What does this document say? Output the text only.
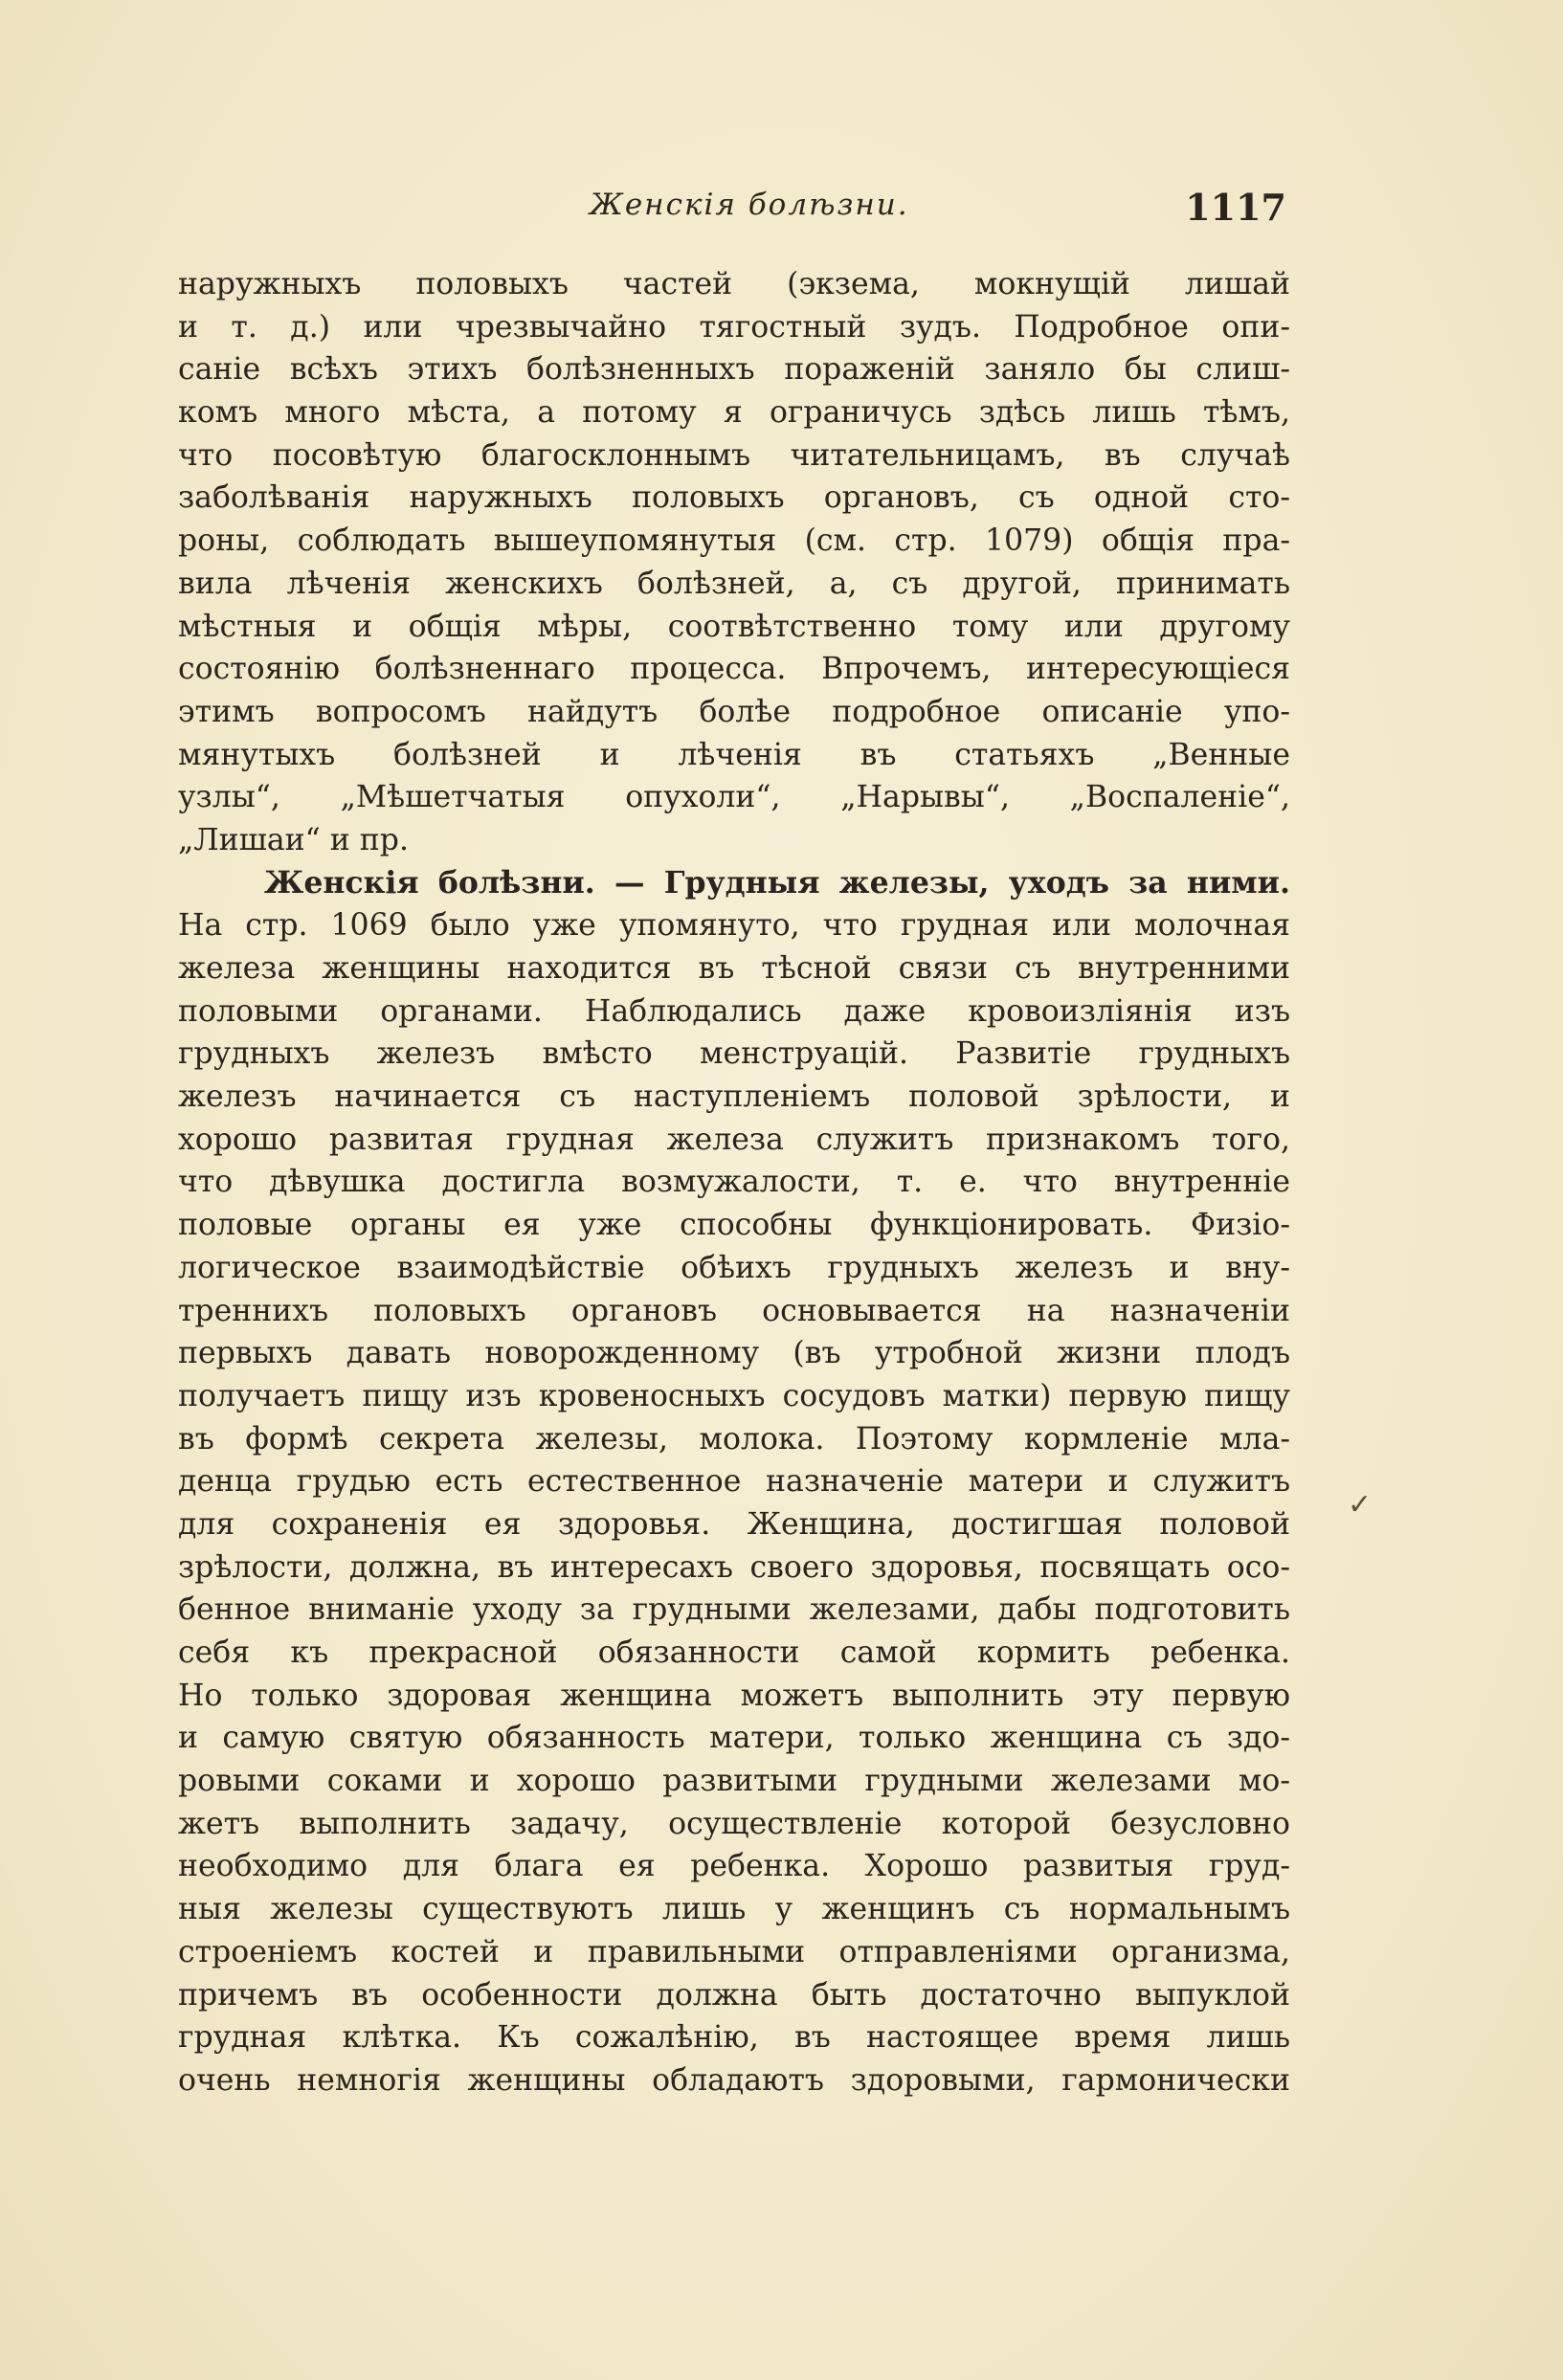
Женскiя болѣзни.	1117
наружныхъ половыхъ частей (экзема, мокнущiй лишай
и т. д.) или чрезвычайно тягостный зудъ. Подробное опи-
саніе всѣхъ этихъ болѣзненныхъ пораженiй заняло бы слиш-
комъ много мѣста, а потому я ограничусь здѣсь лишь тѣмъ,
что посовѣтую благосклоннымъ читательницамъ, въ случаѣ
заболѣванiя наружныхъ половыхъ органовъ, съ одной сто-
роны, соблюдать вышеупомянутыя (см. стр. 1079) общiя пра-
вила лѣченiя женскихъ болѣзней, а, съ другой, принимать
мѣстныя и общiя мѣры, соотвѣтственно тому или другому
состоянiю болѣзненнаго процесса. Впрочемъ, интересующiеся
этимъ вопросомъ найдутъ болѣе подробное описанiе упо-
мянутыхъ болѣзней и лѣченiя въ статьяхъ „Венные
узлы“, „Мѣшетчатыя опухоли“, „Нарывы“, „Воспаленiе“,
„Лишаи“ и пр.
Женскiя болѣзни. — Грудныя железы, уходъ за ними.
На стр. 1069 было уже упомянуто, что грудная или молочная
железа женщины находится въ тѣсной связи съ внутренними
половыми органами. Наблюдались даже кровоизлiянiя изъ
грудныхъ железъ вмѣсто менструацiй. Развитiе грудныхъ
железъ начинается съ наступленiемъ половой зрѣлости, и
хорошо развитая грудная железа служитъ признакомъ того,
что дѣвушка достигла возмужалости, т. е. что внутреннiе
половые органы ея уже способны функцiонировать. Физiо-
логическое взаимодѣйствiе обѣихъ грудныхъ железъ и вну-
треннихъ половыхъ органовъ основывается на назначенiи
первыхъ давать новорожденному (въ утробной жизни плодъ
получаетъ пищу изъ кровеносныхъ сосудовъ матки) первую пищу
въ формѣ секрета железы, молока. Поэтому кормленiе мла-
денца грудью есть естественное назначенiе матери и служитъ
для сохраненiя ея здоровья. Женщина, достигшая половой
зрѣлости, должна, въ интересахъ своего здоровья, посвящать осо-
бенное вниманiе уходу за грудными железами, дабы подготовить
себя къ прекрасной обязанности самой кормить ребенка.
Но только здоровая женщина можетъ выполнить эту первую
и самую святую обязанность матери, только женщина съ здо-
ровыми соками и хорошо развитыми грудными железами мо-
жетъ выполнить задачу, осуществленiе которой безусловно
необходимо для блага ея ребенка. Хорошо развитыя груд-
ныя железы существуютъ лишь у женщинъ съ нормальнымъ
строенiемъ костей и правильными отправленiями организма,
причемъ въ особенности должна быть достаточно выпуклой
грудная клѣтка. Къ сожалѣнiю, въ настоящее время лишь
очень немногiя женщины обладаютъ здоровыми, гармонически
✓
